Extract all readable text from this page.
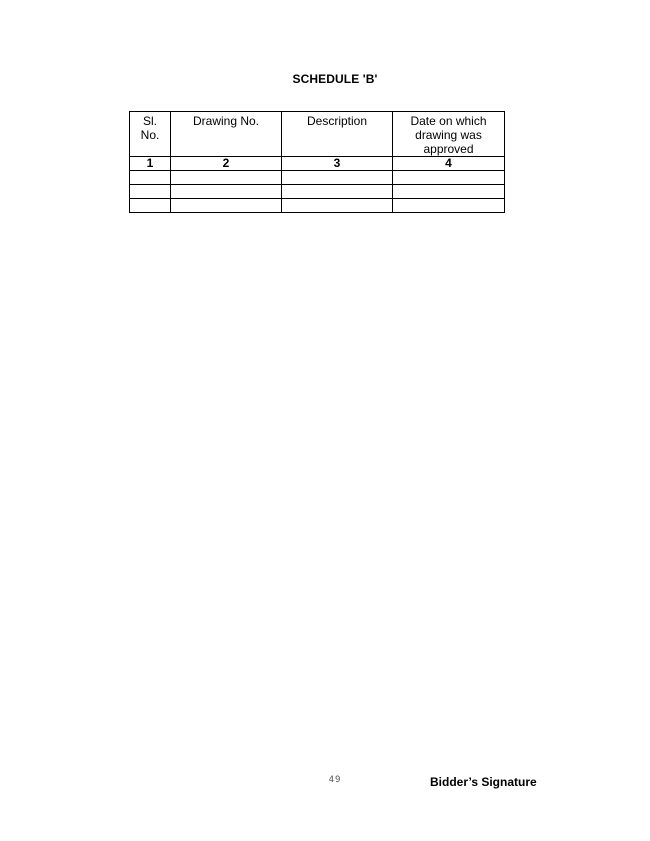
SCHEDULE 'B'
Sl.
No.	Drawing No.	Description	Date on which drawing was approved

1	2	3	4

49	Bidder’s Signature
